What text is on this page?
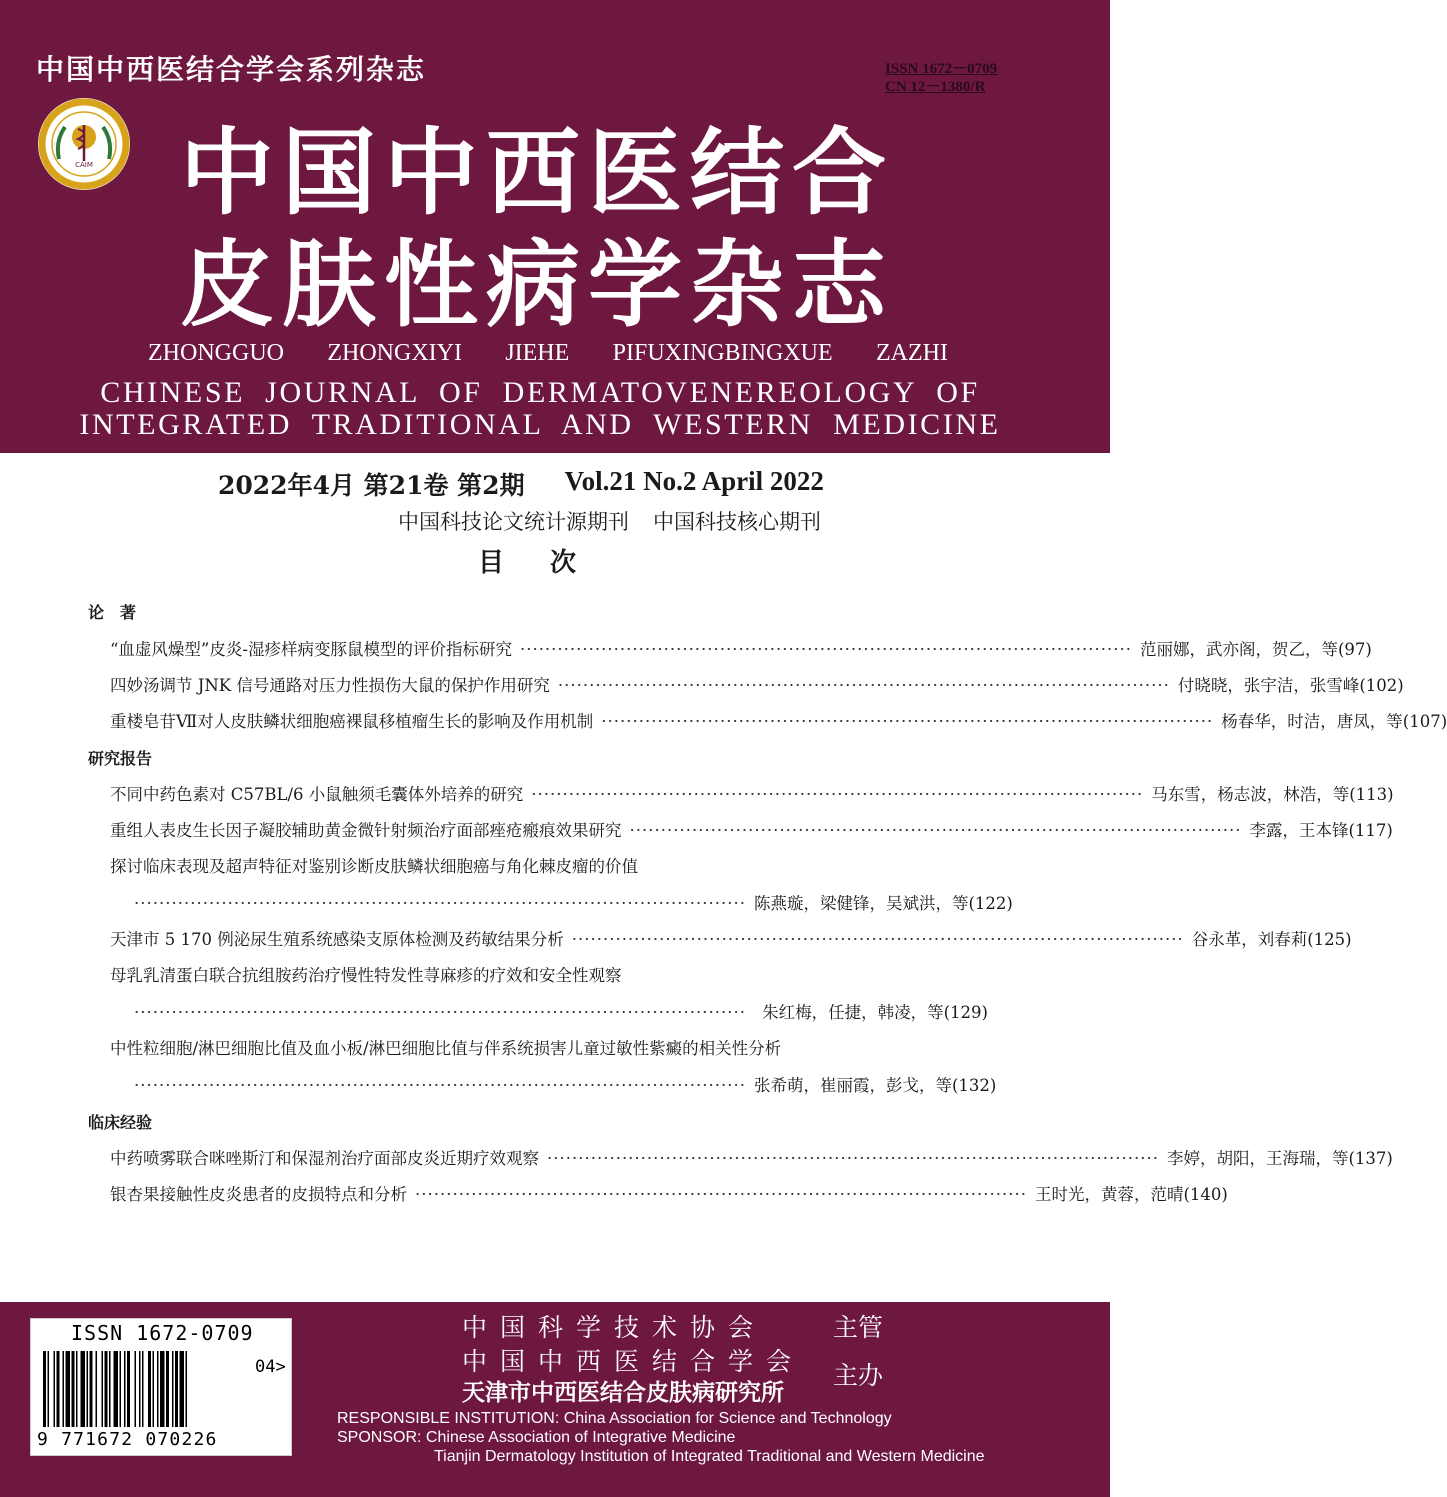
中国中西医结合学会系列杂志	ISSN 1672－0709
CN 12－1380/R
CAIM 中国中西医结合
皮肤性病学杂志
ZHONGGUO ZHONGXIYI JIEHE PIFUXINGBINGXUE ZAZHI
CHINESE JOURNAL OF DERMATOVENEREOLOGY OF
INTEGRATED TRADITIONAL AND WESTERN MEDICINE
2022年4月 第21卷 第2期 Vol.21 No.2 April 2022
中国科技论文统计源期刊 中国科技核心期刊
目次
论　著
“血虚风燥型”皮炎-湿疹样病变豚鼠模型的评价指标研究 ·································································································· 范丽娜，武亦阁，贺乙，等(97)
四妙汤调节 JNK 信号通路对压力性损伤大鼠的保护作用研究 ·································································································· 付晓晓，张宇洁，张雪峰(102)
重楼皂苷Ⅶ对人皮肤鳞状细胞癌裸鼠移植瘤生长的影响及作用机制 ·································································································· 杨春华，时洁，唐凤，等(107)
研究报告
不同中药色素对 C57BL/6 小鼠触须毛囊体外培养的研究 ·································································································· 马东雪，杨志波，林浩，等(113)
重组人表皮生长因子凝胶辅助黄金微针射频治疗面部痤疮瘢痕效果研究 ·································································································· 李露，王本锋(117)
探讨临床表现及超声特征对鉴别诊断皮肤鳞状细胞癌与角化棘皮瘤的价值
·································································································· 陈燕璇，梁健锋，吴斌洪，等(122)
天津市 5 170 例泌尿生殖系统感染支原体检测及药敏结果分析 ·································································································· 谷永革，刘春莉(125)
母乳乳清蛋白联合抗组胺药治疗慢性特发性荨麻疹的疗效和安全性观察
·································································································· 朱红梅，任捷，韩凌，等(129)
中性粒细胞/淋巴细胞比值及血小板/淋巴细胞比值与伴系统损害儿童过敏性紫癜的相关性分析
·································································································· 张希萌，崔丽霞，彭戈，等(132)
临床经验
中药喷雾联合咪唑斯汀和保湿剂治疗面部皮炎近期疗效观察 ·································································································· 李婷，胡阳，王海瑞，等(137)
银杏果接触性皮炎患者的皮损特点和分析 ·································································································· 王时光，黄蓉，范晴(140)
ISSN 1672-0709
04>
9 771672 070226
中国科学技术协会
中国中西医结合学会
天津市中西医结合皮肤病研究所
主管
主办
RESPONSIBLE INSTITUTION: China Association for Science and Technology
SPONSOR: Chinese Association of Integrative Medicine
Tianjin Dermatology Institution of Integrated Traditional and Western Medicine
